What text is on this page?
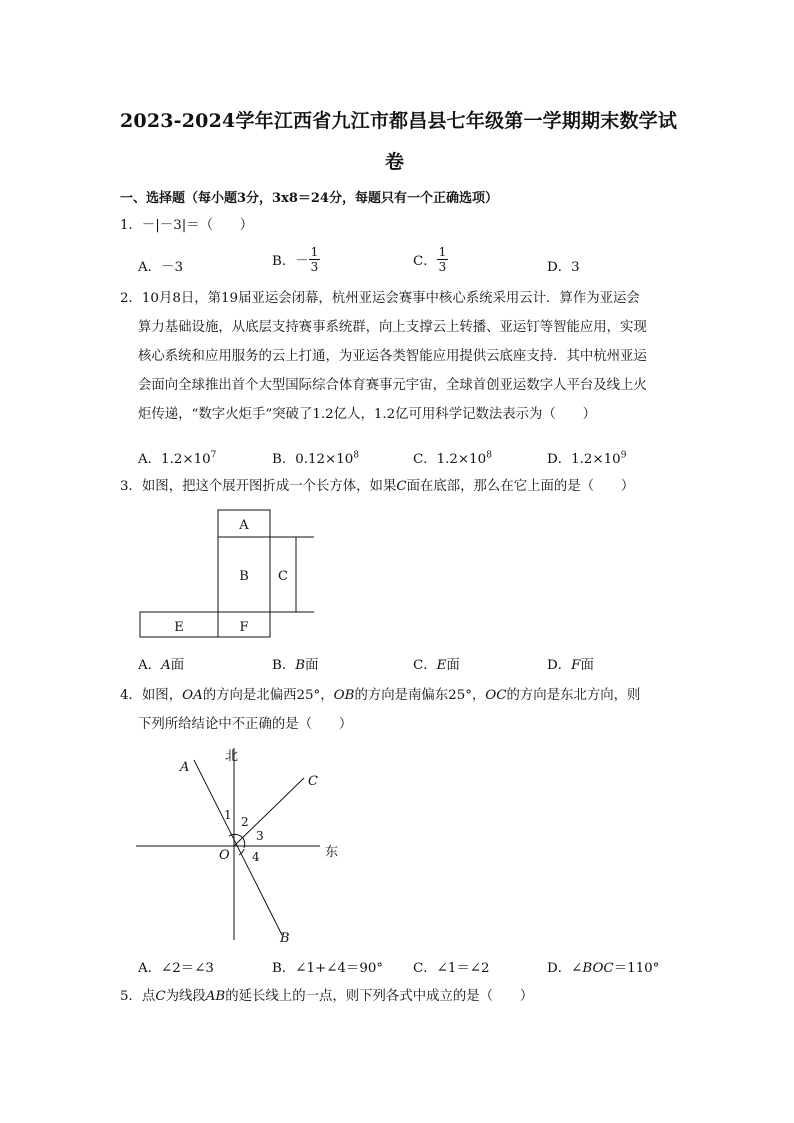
2023-2024学年江西省九江市都昌县七年级第一学期期末数学试
卷
一、选择题（每小题3分，3x8＝24分，每题只有一个正确选项）
1．－|－3|＝（　　）
A．－3	B．－ $\frac{1}{3}$	C． $\frac{1}{3}$	D．3
2．10月8日，第19届亚运会闭幕，杭州亚运会赛事中核心系统采用云计．算作为亚运会
算力基础设施，从底层支持赛事系统群，向上支撑云上转播、亚运钉等智能应用，实现
核心系统和应用服务的云上打通，为亚运各类智能应用提供云底座支持．其中杭州亚运
会面向全球推出首个大型国际综合体育赛事元宇宙，全球首创亚运数字人平台及线上火
炬传递，“数字火炬手”突破了1.2亿人，1.2亿可用科学记数法表示为（　　）
A．$1.2\times 10^7$	B．$0.12\times 10^8$	C．$1.2\times 10^8$	D．$1.2\times 10^9$
3．如图，把这个展开图折成一个长方体，如果C面在底部，那么在它上面的是（　　）
A
B C
E	F
A．A面	B．B面	C．E面	D．F面
4．如图，OA的方向是北偏西25°，OB的方向是南偏东25°，OC的方向是东北方向，则
下列所给结论中不正确的是（　　）
北
东
A
C
B
O
1 2
3
4
A．∠2＝∠3	B．∠1+∠4＝90° C．∠1＝∠2	D．∠BOC＝110°
5．点C为线段AB的延长线上的一点，则下列各式中成立的是（　　）
